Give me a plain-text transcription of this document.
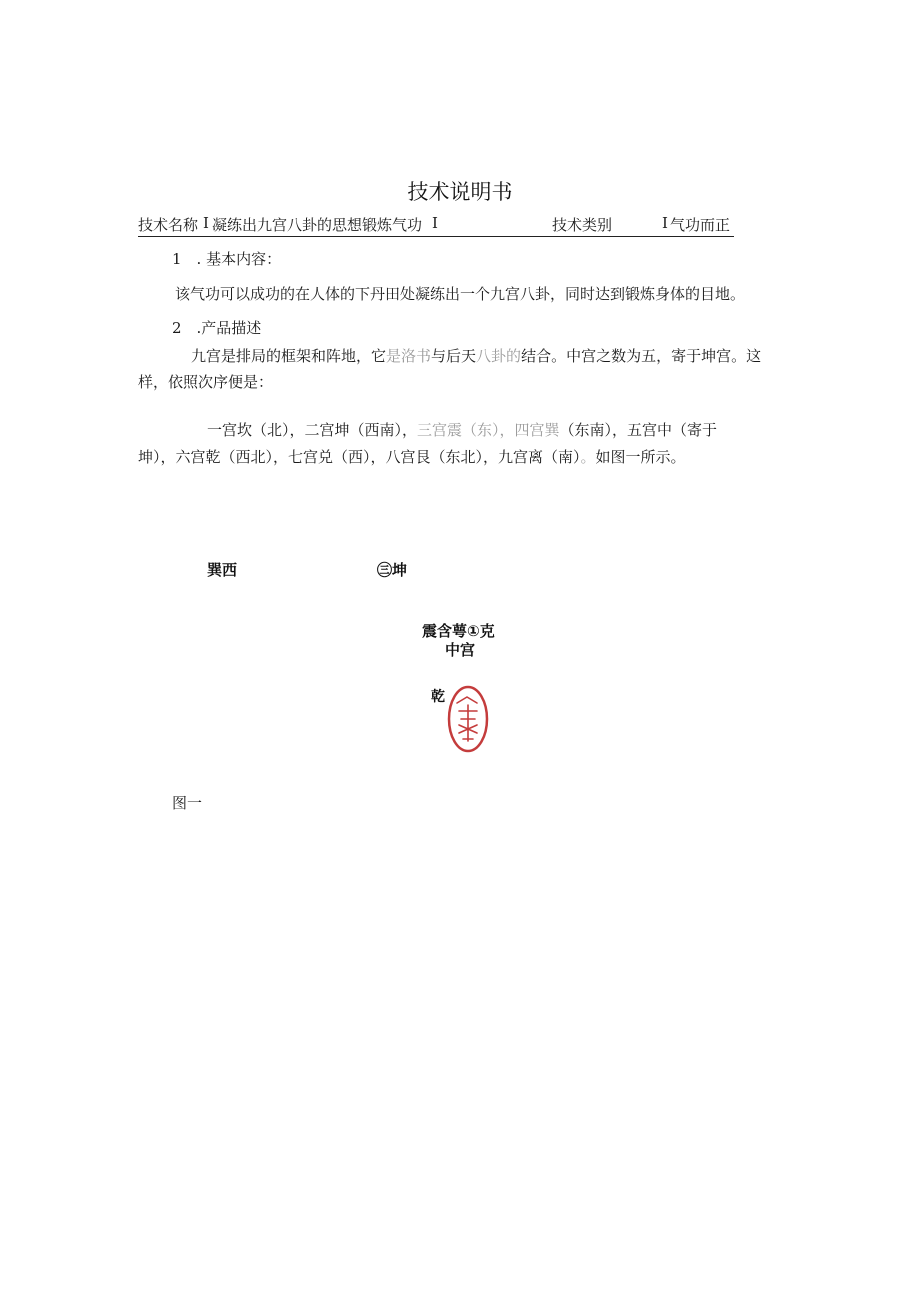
技术说明书
技术名称 I 凝练出九宫八卦的思想锻炼气功 I	技术类别	I 气功而正
1　. 基本内容：
该气功可以成功的在人体的下丹田处凝练出一个九宫八卦，同时达到锻炼身体的目地。
2　.产品描述
九宫是排局的框架和阵地，它是洛书与后天八卦的结合。中宫之数为五，寄于坤宫。这
样，依照次序便是：
一宫坎（北），二宫坤（西南），三宫震（东），四宫巽（东南），五宫中（寄于
坤），六宫乾（西北），七宫兑（西），八宫艮（东北），九宫离（南）。如图一所示。
巽西	㊂坤
震含萼①克
中宫
乾
图一
